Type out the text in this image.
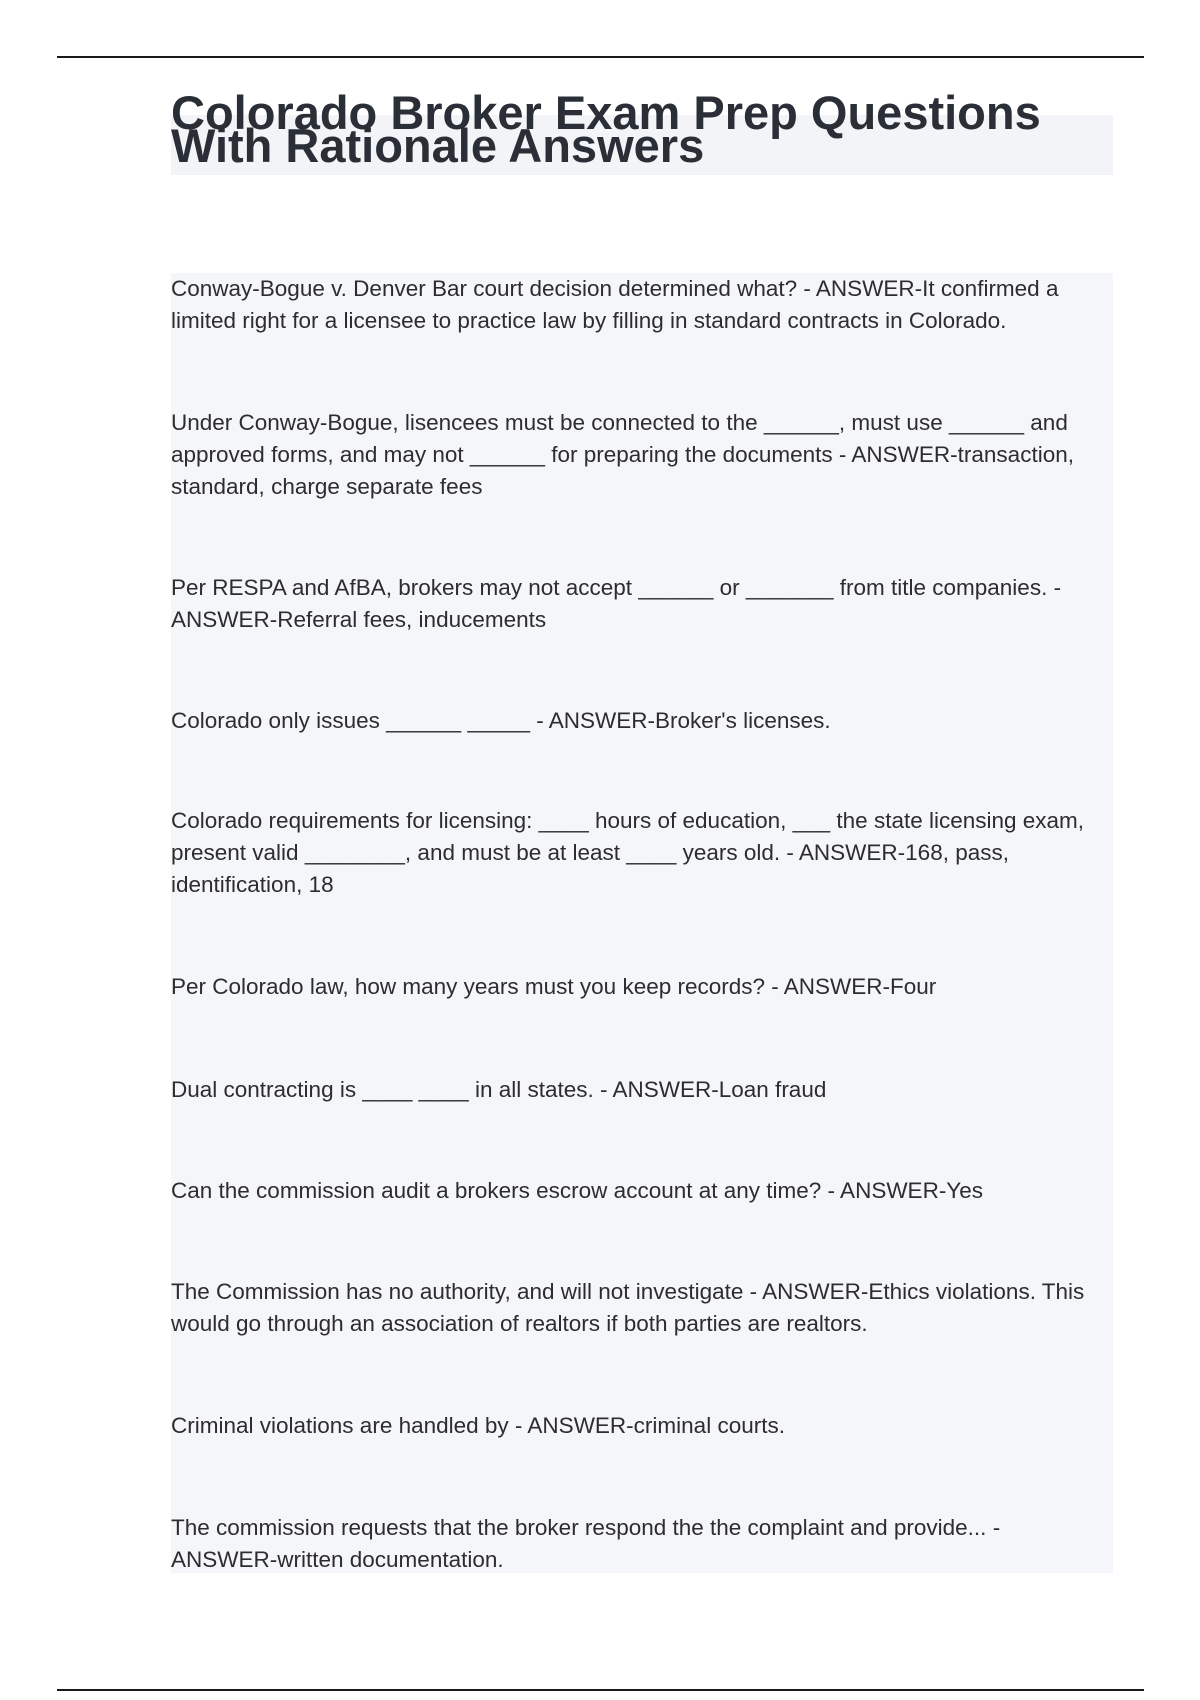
Colorado Broker Exam Prep Questions With Rationale Answers

Conway-Bogue v. Denver Bar court decision determined what? - ANSWER-It confirmed a limited right for a licensee to practice law by filling in standard contracts in Colorado.

Under Conway-Bogue, lisencees must be connected to the ______, must use ______ and approved forms, and may not ______ for preparing the documents - ANSWER-transaction, standard, charge separate fees

Per RESPA and AfBA, brokers may not accept ______ or _______ from title companies. - ANSWER-Referral fees, inducements

Colorado only issues ______ _____ - ANSWER-Broker's licenses.

Colorado requirements for licensing: ____ hours of education, ___ the state licensing exam, present valid ________, and must be at least ____ years old. - ANSWER-168, pass, identification, 18

Per Colorado law, how many years must you keep records? - ANSWER-Four

Dual contracting is ____ ____ in all states. - ANSWER-Loan fraud

Can the commission audit a brokers escrow account at any time? - ANSWER-Yes

The Commission has no authority, and will not investigate - ANSWER-Ethics violations. This would go through an association of realtors if both parties are realtors.

Criminal violations are handled by - ANSWER-criminal courts.

The commission requests that the broker respond the the complaint and provide... - ANSWER-written documentation.
